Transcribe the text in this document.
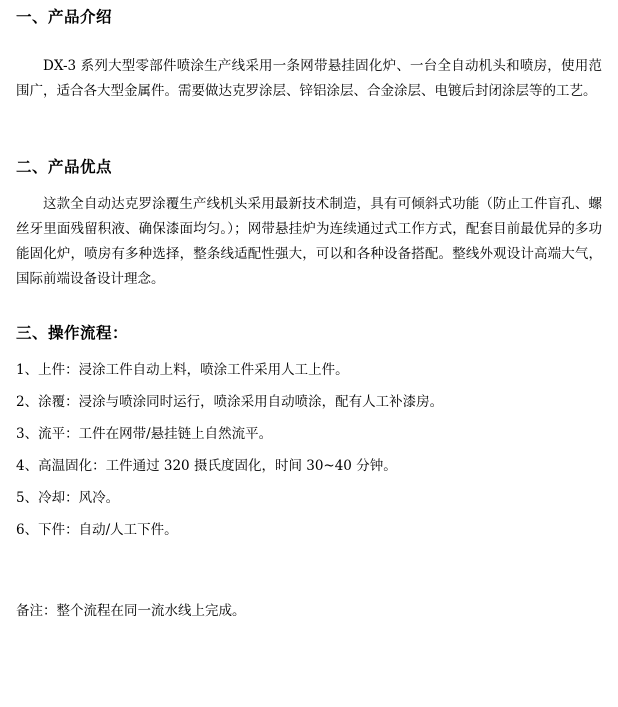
一、产品介绍

DX-3 系列大型零部件喷涂生产线采用一条网带悬挂固化炉、一台全自动机头和喷房，使用范围广，适合各大型金属件。需要做达克罗涂层、锌铝涂层、合金涂层、电镀后封闭涂层等的工艺。

二、产品优点

这款全自动达克罗涂覆生产线机头采用最新技术制造，具有可倾斜式功能（防止工件盲孔、螺丝牙里面残留积液、确保漆面均匀。）；网带悬挂炉为连续通过式工作方式，配套目前最优异的多功能固化炉，喷房有多种选择，整条线适配性强大，可以和各种设备搭配。整线外观设计高端大气，国际前端设备设计理念。

三、操作流程：

1、上件：浸涂工件自动上料，喷涂工件采用人工上件。

2、涂覆：浸涂与喷涂同时运行，喷涂采用自动喷涂，配有人工补漆房。

3、流平：工件在网带/悬挂链上自然流平。

4、高温固化：工件通过 320 摄氏度固化，时间 30~40 分钟。

5、冷却：风冷。

6、下件：自动/人工下件。

备注：整个流程在同一流水线上完成。
